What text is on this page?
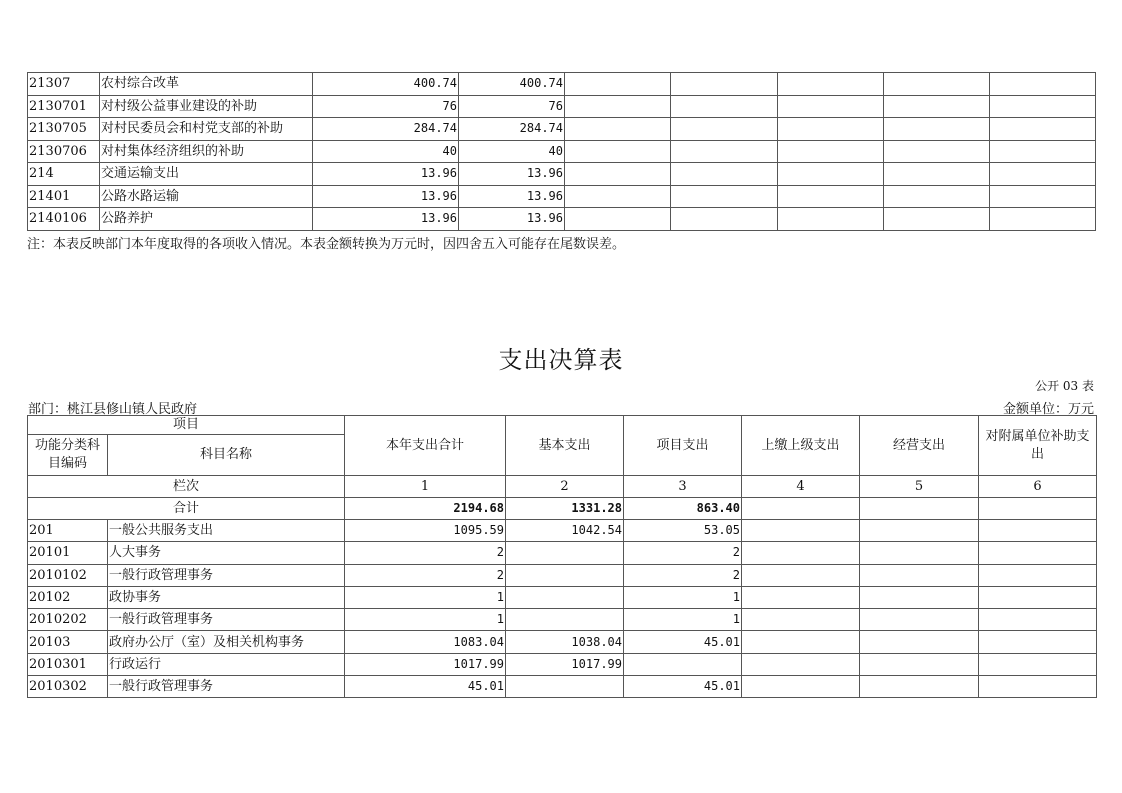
21307	农村综合改革	400.74	400.74					
2130701	对村级公益事业建设的补助	76	76					
2130705	对村民委员会和村党支部的补助	284.74	284.74					
2130706	对村集体经济组织的补助	40	40					
214	交通运输支出	13.96	13.96					
21401	公路水路运输	13.96	13.96					
2140106	公路养护	13.96	13.96					
注：本表反映部门本年度取得的各项收入情况。本表金额转换为万元时，因四舍五入可能存在尾数误差。
支出决算表
公开 03 表
部门：桃江县修山镇人民政府	金额单位：万元
项目		本年支出合计	基本支出	项目支出	上缴上级支出	经营支出	对附属单位补助支出
功能分类科目编码	科目名称						
栏次		1	2	3	4	5	6
合计		2194.68	1331.28	863.40			
201	一般公共服务支出	1095.59	1042.54	53.05			
20101	人大事务	2		2			
2010102	一般行政管理事务	2		2			
20102	政协事务	1		1			
2010202	一般行政管理事务	1		1			
20103	政府办公厅（室）及相关机构事务	1083.04	1038.04	45.01			
2010301	行政运行	1017.99	1017.99				
2010302	一般行政管理事务	45.01		45.01			
